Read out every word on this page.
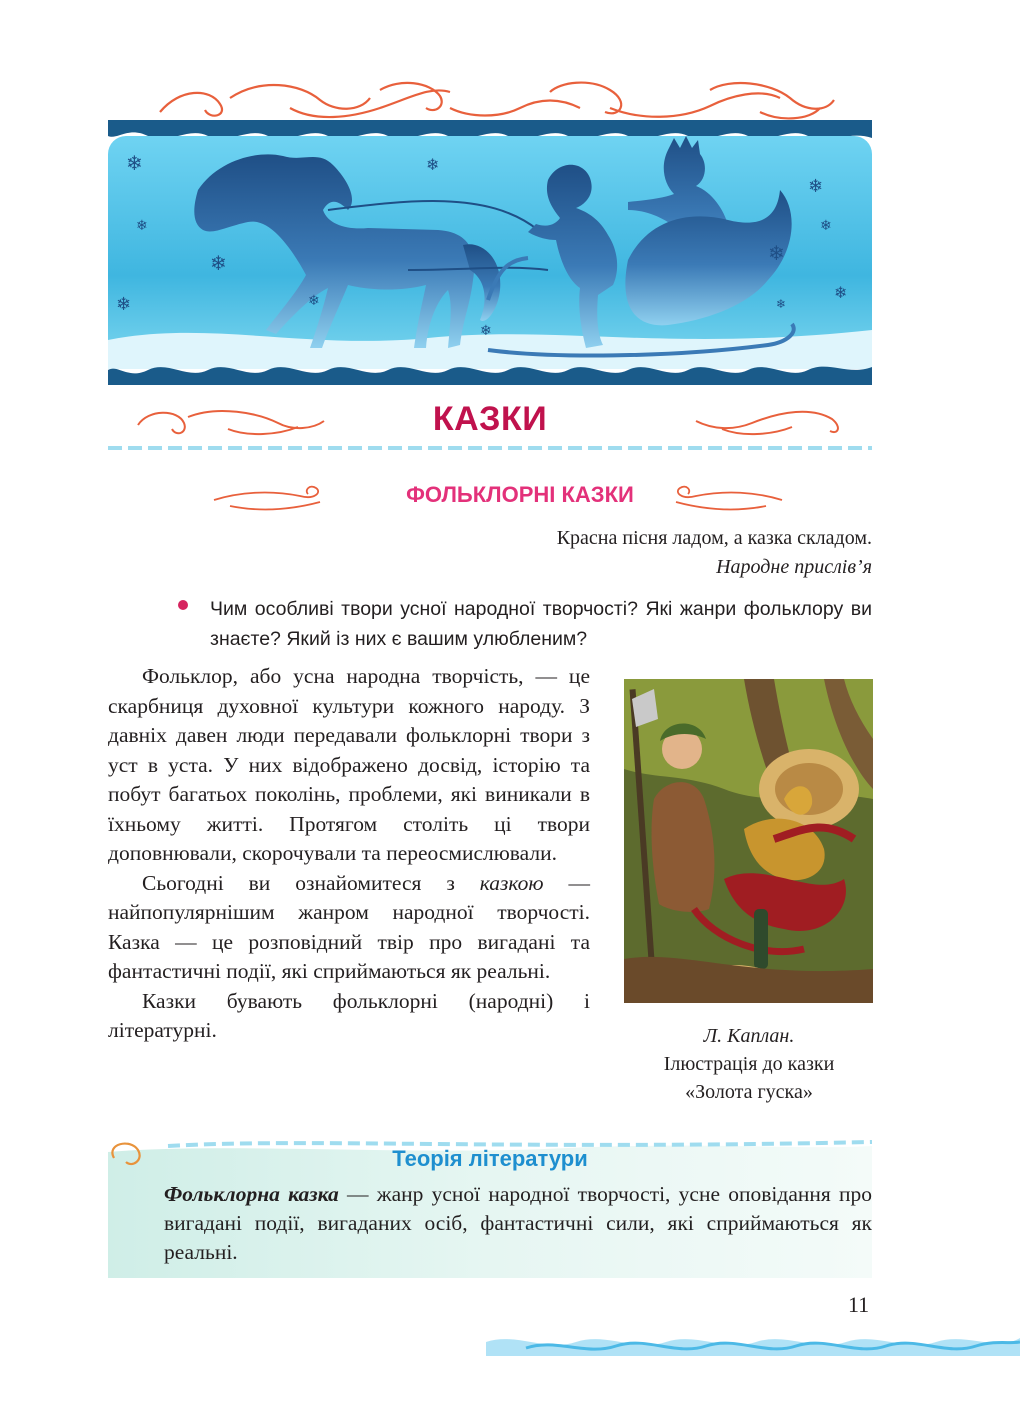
❄
❄
❄
❄	❄
❄
❄
❄
❄
❄
❄
❄
КАЗКИ
ФОЛЬКЛОРНІ КАЗКИ
Красна пісня ладом, а казка складом.
Народне прислів’я
Чим особливі твори усної народної творчості? Які жанри фольклору ви знаєте? Який із них є вашим улюбленим?

Фольклор, або усна народна творчість, — це скарбниця духовної культури кожного народу. З давніх давен люди передавали фольклорні твори з уст в уста. У них відображено досвід, історію та побут багатьох поколінь, проблеми, які виникали в їхньому житті. Протягом століть ці твори доповнювали, скорочували та переосмислювали.

Сьогодні ви ознайомитеся з казкою — найпопулярнішим жанром народної творчості. Казка — це розповідний твір про вигадані та фантастичні події, які сприймаються як реальні.

Казки бувають фольклорні (народні) і літературні.	Л. Каплан.
Ілюстрація до казки
«Золота гуска»
Теорія літератури
Фольклорна казка — жанр усної народної творчості, усне оповідання про вигадані події, вигаданих осіб, фантастичні сили, які сприймаються як реальні.
11
